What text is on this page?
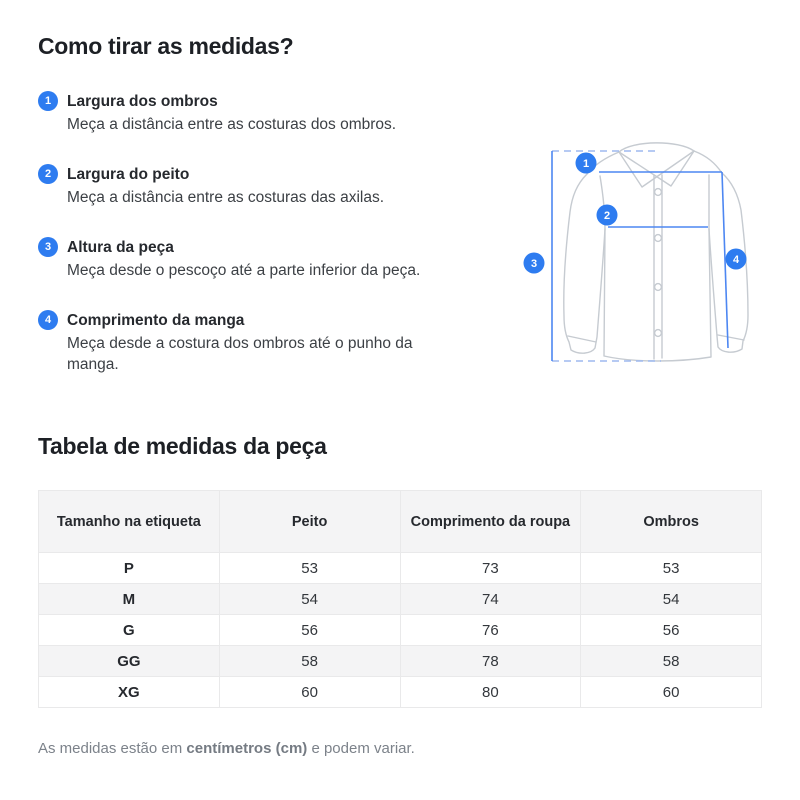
Como tirar as medidas?
1	Largura dos ombros
Meça a distância entre as costuras dos ombros.
2	Largura do peito
Meça a distância entre as costuras das axilas.
3	Altura da peça
Meça desde o pescoço até a parte inferior da peça.
4	Comprimento da manga
Meça desde a costura dos ombros até o punho da manga.
1
2
3	4
Tabela de medidas da peça
Tamanho na etiqueta	Peito	Comprimento da roupa	Ombros
P	53	73	53
M	54	74	54
G	56	76	56
GG	58	78	58
XG	60	80	60

As medidas estão em centímetros (cm) e podem variar.
